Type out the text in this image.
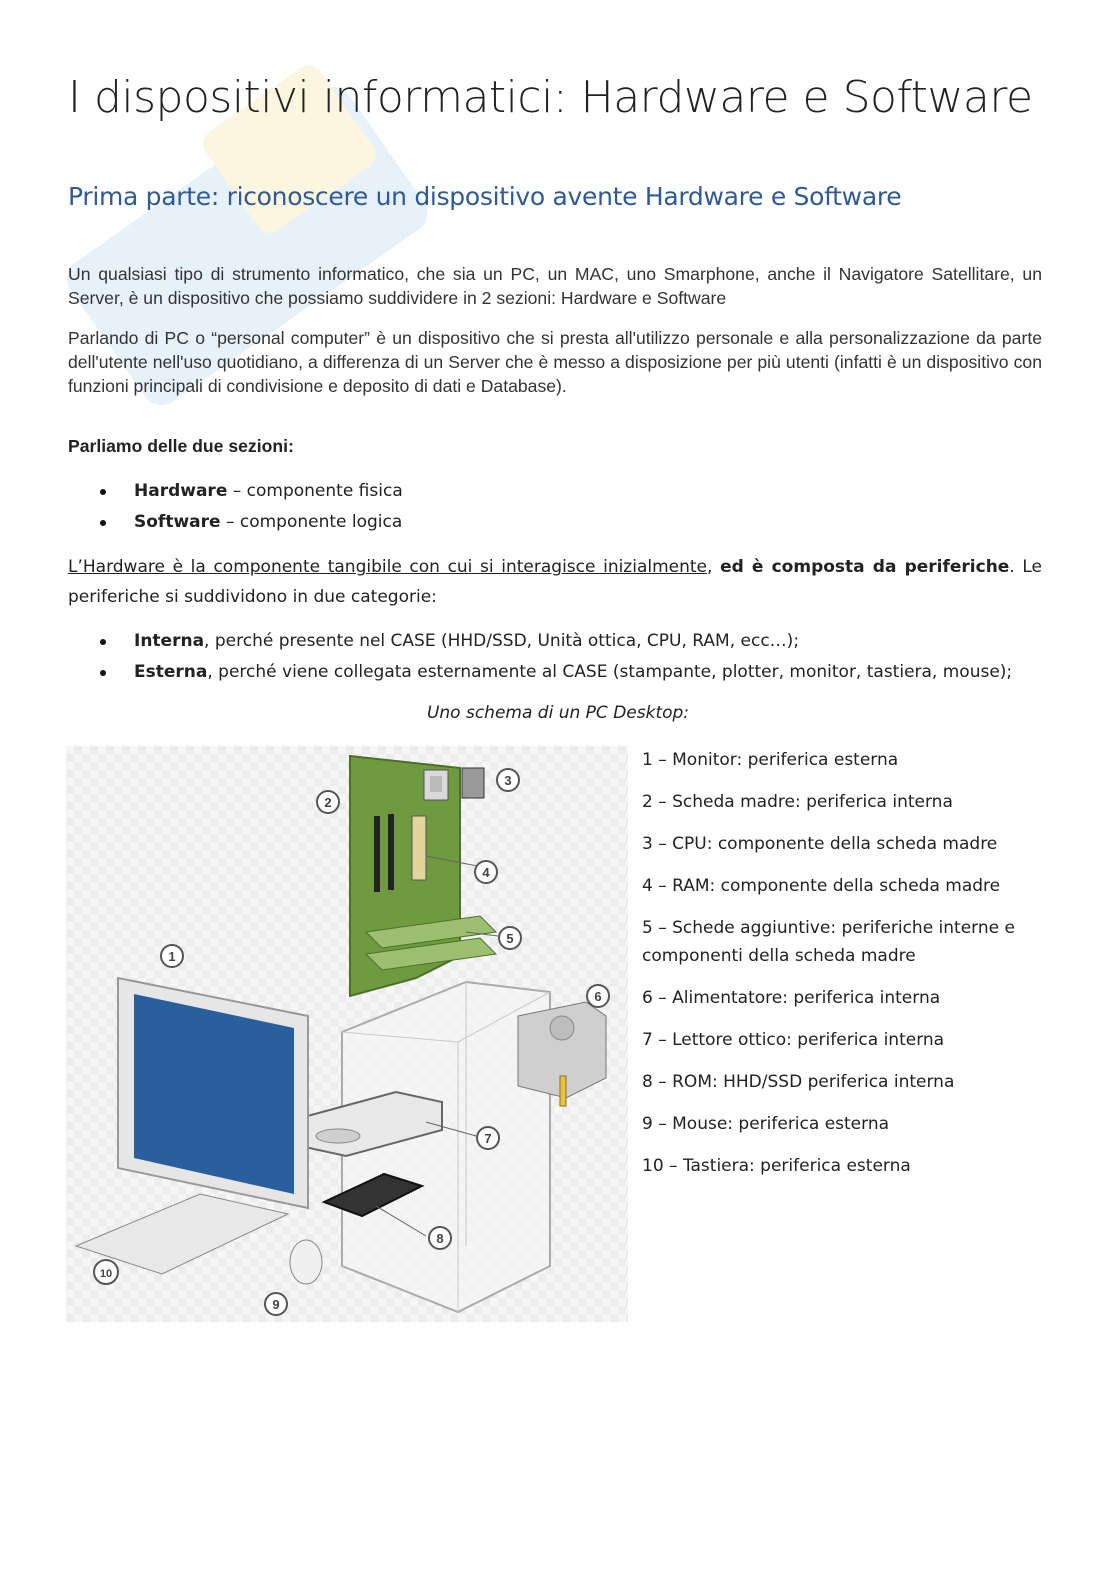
I dispositivi informatici: Hardware e Software
Prima parte: riconoscere un dispositivo avente Hardware e Software

Un qualsiasi tipo di strumento informatico, che sia un PC, un MAC, uno Smarphone, anche il Navigatore Satellitare, un Server, è un dispositivo che possiamo suddividere in 2 sezioni: Hardware e Software

Parlando di PC o “personal computer” è un dispositivo che si presta all'utilizzo personale e alla personalizzazione da parte dell'utente nell'uso quotidiano, a differenza di un Server che è messo a disposizione per più utenti (infatti è un dispositivo con funzioni principali di condivisione e deposito di dati e Database).

Parliamo delle due sezioni:

Hardware – componente fisica
Software – componente logica

L’Hardware è la componente tangibile con cui si interagisce inizialmente, ed è composta da periferiche. Le periferiche si suddividono in due categorie:

Interna, perché presente nel CASE (HHD/SSD, Unità ottica, CPU, RAM, ecc…);
Esterna, perché viene collegata esternamente al CASE (stampante, plotter, monitor, tastiera, mouse);
Uno schema di un PC Desktop:
1
2
3
4
5
6
7
8
9
10
1 – Monitor: periferica esterna
2 – Scheda madre: periferica interna
3 – CPU: componente della scheda madre
4 – RAM: componente della scheda madre
5 – Schede aggiuntive: periferiche interne e componenti della scheda madre
6 – Alimentatore: periferica interna
7 – Lettore ottico: periferica interna
8 – ROM: HHD/SSD periferica interna
9 – Mouse: periferica esterna
10 – Tastiera: periferica esterna
